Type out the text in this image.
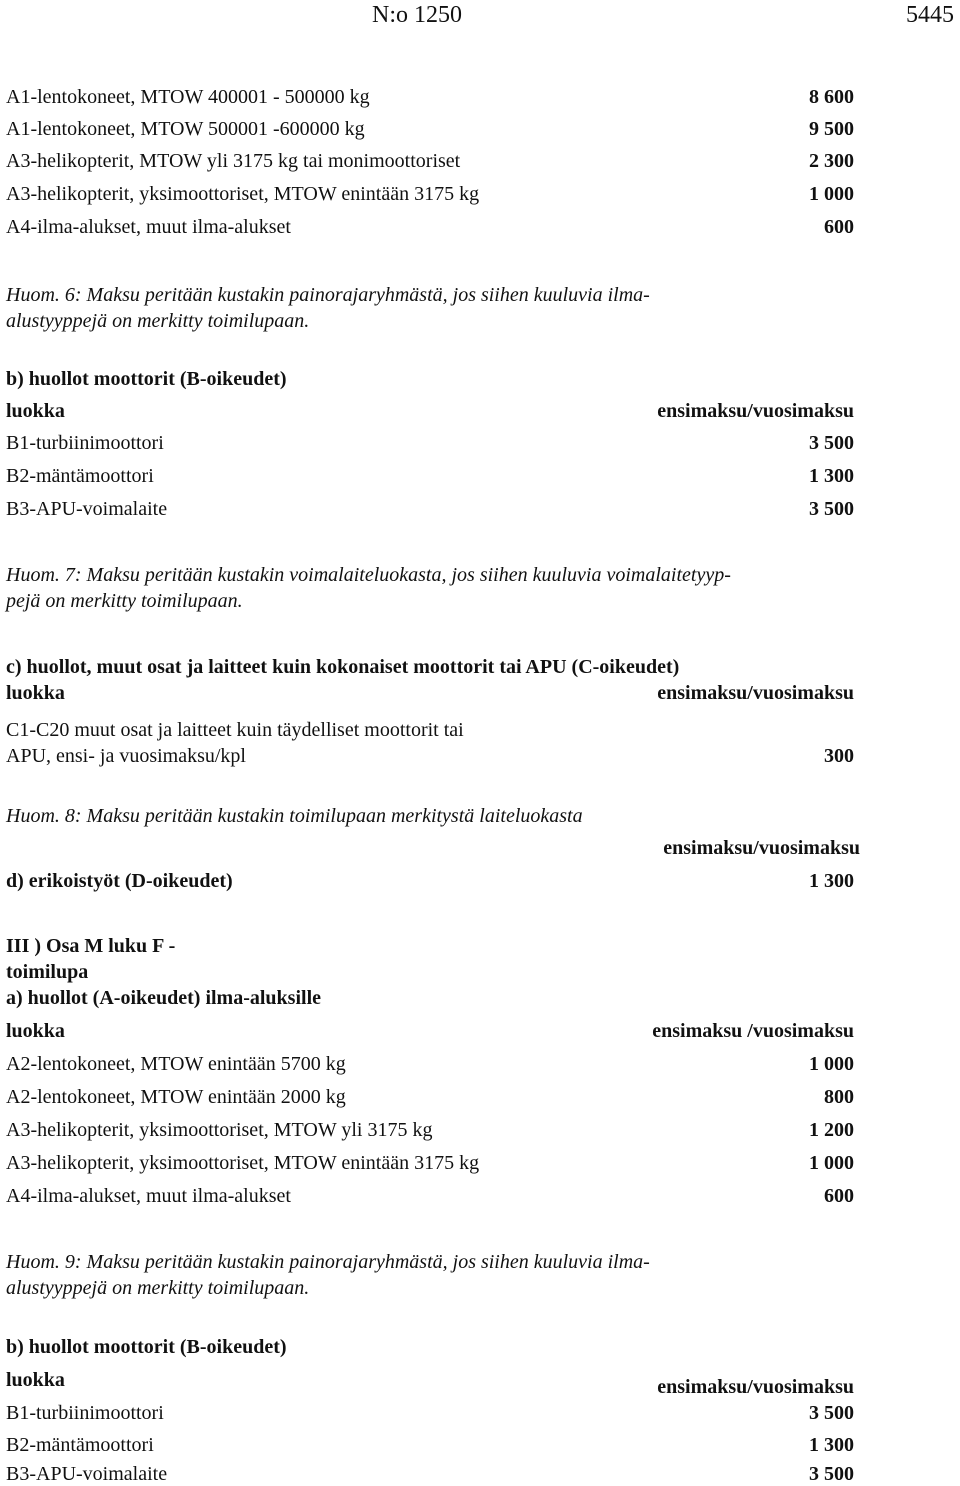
N:o 1250	5445
A1-lentokoneet, MTOW 400001 - 500000 kg	8 600
A1-lentokoneet, MTOW 500001 -600000 kg	9 500
A3-helikopterit, MTOW yli 3175 kg tai monimoottoriset	2 300
A3-helikopterit, yksimoottoriset, MTOW enintään 3175 kg	1 000
A4-ilma-alukset, muut ilma-alukset	600
Huom. 6: Maksu peritään kustakin painorajaryhmästä, jos siihen kuuluvia ilma-
alustyyppejä on merkitty toimilupaan.
b) huollot moottorit (B-oikeudet)
luokka	ensimaksu/vuosimaksu
B1-turbiinimoottori	3 500
B2-mäntämoottori	1 300
B3-APU-voimalaite	3 500
Huom. 7: Maksu peritään kustakin voimalaiteluokasta, jos siihen kuuluvia voimalaitetyyp-
pejä on merkitty toimilupaan.
c) huollot, muut osat ja laitteet kuin kokonaiset moottorit tai APU (C-oikeudet)
luokka	ensimaksu/vuosimaksu
C1-C20 muut osat ja laitteet kuin täydelliset moottorit tai
APU, ensi- ja vuosimaksu/kpl	300
Huom. 8: Maksu peritään kustakin toimilupaan merkitystä laiteluokasta
ensimaksu/vuosimaksu
d) erikoistyöt (D-oikeudet)	1 300
III ) Osa M luku F -
toimilupa
a) huollot (A-oikeudet) ilma-aluksille
luokka	ensimaksu /vuosimaksu
A2-lentokoneet, MTOW enintään 5700 kg	1 000
A2-lentokoneet, MTOW enintään 2000 kg	800
A3-helikopterit, yksimoottoriset, MTOW yli 3175 kg	1 200
A3-helikopterit, yksimoottoriset, MTOW enintään 3175 kg	1 000
A4-ilma-alukset, muut ilma-alukset	600
Huom. 9: Maksu peritään kustakin painorajaryhmästä, jos siihen kuuluvia ilma-
alustyyppejä on merkitty toimilupaan.
b) huollot moottorit (B-oikeudet)
luokka	ensimaksu/vuosimaksu
B1-turbiinimoottori	3 500
B2-mäntämoottori	1 300
B3-APU-voimalaite	3 500
